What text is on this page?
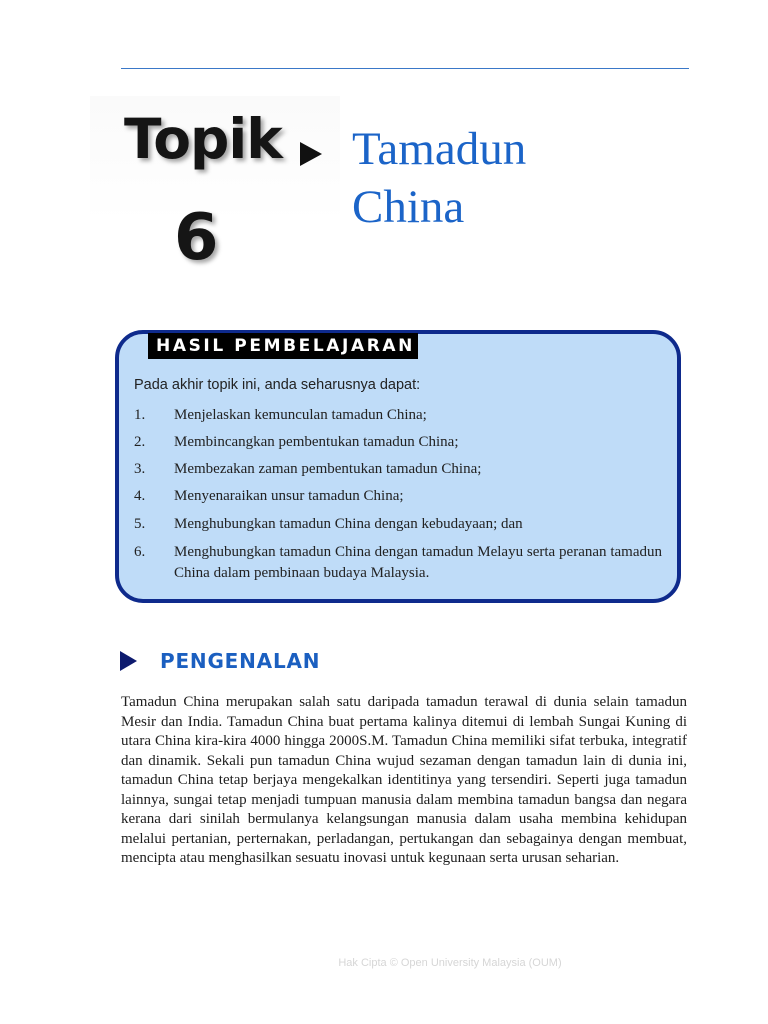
Topik
6
Tamadun
China
HASIL PEMBELAJARAN
Pada akhir topik ini, anda seharusnya dapat:
1. Menjelaskan kemunculan tamadun China;
2. Membincangkan pembentukan tamadun China;
3. Membezakan zaman pembentukan tamadun China;
4. Menyenaraikan unsur tamadun China;
5. Menghubungkan tamadun China dengan kebudayaan; dan
6. Menghubungkan tamadun China dengan tamadun Melayu serta peranan tamadun China dalam pembinaan budaya Malaysia.
PENGENALAN

Tamadun China merupakan salah satu daripada tamadun terawal di dunia selain tamadun Mesir dan India. Tamadun China buat pertama kalinya ditemui di lembah Sungai Kuning di utara China kira-kira 4000 hingga 2000S.M. Tamadun China memiliki sifat terbuka, integratif dan dinamik. Sekali pun tamadun China wujud sezaman dengan tamadun lain di dunia ini, tamadun China tetap berjaya mengekalkan identitinya yang tersendiri. Seperti juga tamadun lainnya, sungai tetap menjadi tumpuan manusia dalam membina tamadun bangsa dan negara kerana dari sinilah bermulanya kelangsungan manusia dalam usaha membina kehidupan melalui pertanian, perternakan, perladangan, pertukangan dan sebagainya dengan membuat, mencipta atau menghasilkan sesuatu inovasi untuk kegunaan serta urusan seharian.

Hak Cipta © Open University Malaysia (OUM)
